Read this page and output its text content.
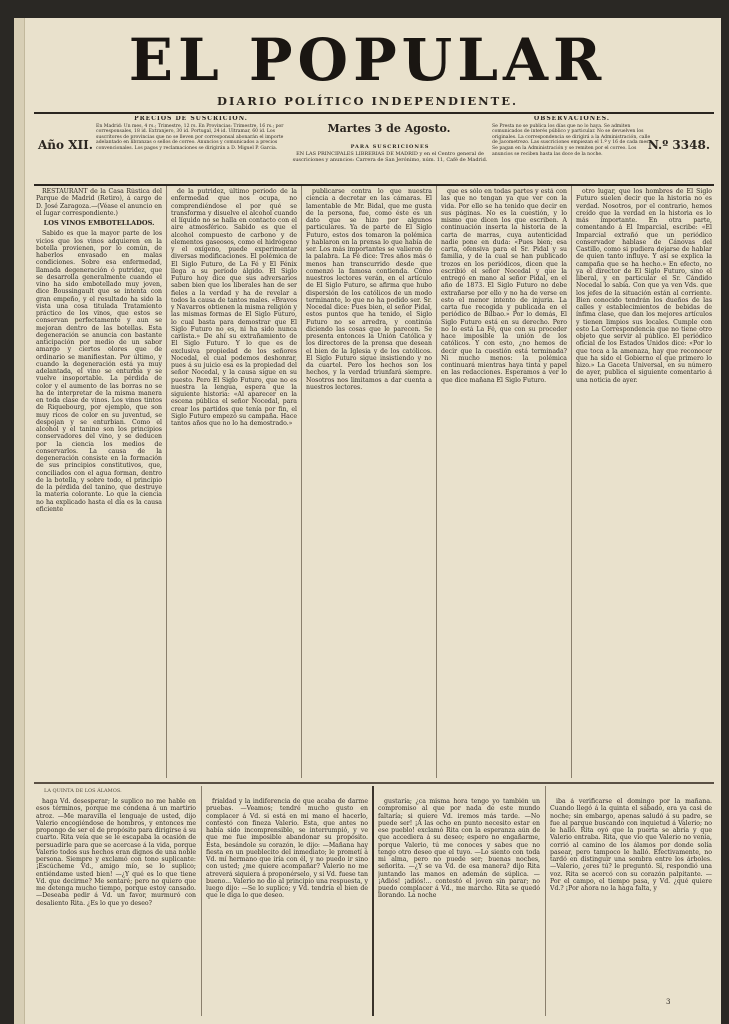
EL POPULAR
DIARIO POLÍTICO INDEPENDIENTE.
Año XII.
PRECIOS DE SUSCRICION.
En Madrid: Un mes, 4 rs.; Trimestre, 12 rs. En Provincias: Trimestre, 16 rs.; por corresponsales, 18 id. Extranjero, 30 id. Portugal, 24 id. Ultramar, 60 id. Los suscritores de provincias que no se lleven por corresponsal abonarán el importe adelantado en libranzas o sellos de correo. Anuncios y comunicados a precios convencionales. Los pagos y reclamaciones se dirigirán a D. Miguel P. Garcia.
Martes 3 de Agosto.
PARA SUSCRICIONES
EN LAS PRINCIPALES LIBRERIAS DE MADRID y en el Centro general de suscriciones y anuncios: Carrera de San Jerónimo, núm. 11, Café de Madrid.
OBSERVACIONES.
Se Presta no se publica los días que no lo haya. Se admiten comunicados de interés público y particular. No se devuelven los originales. La correspondencia se dirigirá a la Administración, calle de Jacometrezo. Las suscriciones empiezan el 1.º y 16 de cada mes. Se pagan en la Administración y se remiten por el correo. Los anuncios se reciben hasta las doce de la noche.
N.º 3348.

RESTAURANT de la Casa Rústica del Parque de Madrid (Retiro), á cargo de D. José Zaragoza.—(Véase el anuncio en el lugar correspondiente.)

LOS VINOS EMBOTELLADOS.

Sabido es que la mayor parte de los vicios que los vinos adquieren en la botella provienen, por lo común, de haberlos envasado en malas condiciones. Sobre esa enfermedad, llamada degeneración ó putridez, que se desarrolla generalmente cuando el vino ha sido embotellado muy joven, dice Boussingault que se intenta con gran empeño, y el resultado ha sido la vista una cosa titulada Tratamiento práctico de los vinos, que estos se conservan perfectamente y aun se mejoran dentro de las botellas. Esta degeneración se anuncia con bastante anticipación por medio de un sabor amargo y ciertos olores que de ordinario se manifiestan. Por último, y cuando la degeneración está ya muy adelantada, el vino se enturbia y se vuelve insoportable. La pérdida de color y el aumento de las borras no se ha de interpretar de la misma manera en toda clase de vinos. Los vinos tintos de Riquebourg, por ejemplo, que son muy ricos de color en su juventud, se despojan y se enturbian. Como el alcohol y el tanino son los principios conservadores del vino, y se deducen por la ciencia los medios de conservarlos. La causa de la degeneración consiste en la formación de sus principios constitutivos, que, conciliados con el agua forman, dentro de la botella, y sobre todo, el principio de la pérdida del tanino, que destruye la materia colorante. Lo que la ciencia no ha explicado hasta el día es la causa eficiente

de la putridez, último periodo de la enfermedad que nos ocupa, no comprendiéndose el por qué se transforma y disuelve el alcohol cuando el líquido no se halla en contacto con el aire atmosférico. Sabido es que el alcohol compuesto de carbono y de elementos gaseosos, como el hidrógeno y el oxígeno, puede experimentar diversas modificaciones. El polémica de El Siglo Futuro, de La Fé y El Fénix llega a su período álgido. El Siglo Futuro hoy dice que sus adversarios saben bien que los liberales han de ser fieles a la verdad y ha de revelar a todos la causa de tantos males. «Bravos y Navarros obtienen la misma religión y las mismas formas de El Siglo Futuro, lo cual basta para demostrar que El Siglo Futuro no es, ni ha sido nunca carlista.» De ahí su extrañamiento de El Siglo Futuro. Y lo que es de exclusiva propiedad de los señores Nocedal, el cual podemos deshonrar, pues á su juicio esa es la propiedad del señor Nocedal, y la causa sigue en su puesto. Pero El Siglo Futuro, que no es nuestra la lengua, espera que la siguiente historia: «Al aparecer en la escena pública el señor Nocedal, para crear los partidos que tenía por fin, el Siglo Futuro empezó su campaña. Hace tantos años que no lo ha demostrado.»

publicarse contra lo que nuestra ciencia a decretar en las cámaras. El lamentable de Mr. Bidal, que me gusta de la persona, fue, como éste es un dato que se hizo por algunos particulares. Ya de parte de El Siglo Futuro, estos dos tomaron la polémica y hablaron en la prensa lo que había de ser. Los más importantes se valieron de la palabra. La Fé dice: Tres años más ó menos han transcurrido desde que comenzó la famosa contienda. Cómo nuestros lectores verán, en el artículo de El Siglo Futuro, se afirma que hubo dispersión de los católicos de un modo terminante, lo que no ha podido ser. Sr. Nocedal dice: Pues bien, el señor Pidal, estos puntos que ha tenido, el Siglo Futuro no se arredra, y continúa diciendo las cosas que le parecen. Se presenta entonces la Unión Católica y los directores de la prensa que desean el bien de la Iglesia y de los católicos. El Siglo Futuro sigue insistiendo y no da cuartel. Pero los hechos son los hechos, y la verdad triunfará siempre. Nosotros nos limitamos a dar cuenta a nuestros lectores.

que es sólo en todas partes y está con las que no tengan ya que ver con la vida. Por ello se ha tenido que decir en sus páginas. No es la cuestión, y lo mismo que dicen los que escriben. A continuación inserta la historia de la carta de marras, cuya autenticidad nadie pone en duda: «Pues bien; esa carta, ofensiva para el Sr. Pidal y su familia, y de la cual se han publicado trozos en los periódicos, dicen que la escribió el señor Nocedal y que la entregó en mano al señor Pidal, en el año de 1873. El Siglo Futuro no debe extrañarse por ello y no ha de verse en esto el menor intento de injuria. La carta fue recogida y publicada en el periódico de Bilbao.» Por lo demás, El Siglo Futuro está en su derecho. Pero no lo está La Fé, que con su proceder hace imposible la unión de los católicos. Y con esto, ¿no hemos de decir que la cuestión está terminada? Ni mucho menos: la polémica continuará mientras haya tinta y papel en las redacciones. Esperamos a ver lo que dice mañana El Siglo Futuro.

otro lugar, que los hombres de El Siglo Futuro suelen decir que la historia no es verdad. Nosotros, por el contrario, hemos creído que la verdad en la historia es lo más importante. En otra parte, comentando á El Imparcial, escribe: «El Imparcial extrañó que un periódico conservador hablase de Cánovas del Castillo, como si pudiera dejarse de hablar de quien tanto influye. Y así se explica la campaña que se ha hecho.» En efecto, no ya el director de El Siglo Futuro, sino el liberal, y en particular el Sr. Cándido Nocedal lo sabía. Con que ya ven Vds. que los jefes de la situación están al corriente. Bien conocido tendrán los dueños de las calles y establecimientos de bebidas de ínfima clase, que dan los mejores artículos y tienen limpios sus locales. Cumple con esto La Correspondencia que no tiene otro objeto que servir al público. El periódico oficial de los Estados Unidos dice: «Por lo que toca a la amenaza, hay que reconocer que ha sido el Gobierno el que primero lo hizo.» La Gaceta Universal, en su número de ayer, publica el siguiente comentario á una noticia de ayer.

LA QUINTA DE LOS ÁLAMOS.

haga Vd. desesperar; le suplico no me hable en esos términos, porque me condena á un martirio atroz. —Me maravilla el lenguaje de usted, dijo Valerio encogiéndose de hombros, y entonces me propongo de ser el de propósito para dirigirse á su cuarto. Rita veía que se le escapaba la ocasión de persuadirle para que se acercase á la vida, porque Valerio todos sus hechos eran dignos de una noble persona. Siempre y exclamó con tono suplicante: ¡Escúcheme Vd., amigo mío, se lo suplico; entiéndame usted bien! —¿Y qué es lo que tiene Vd. que decirme? Me sentaré; pero no quiero que me detenga mucho tiempo, porque estoy cansado. —Deseaba pedir á Vd. un favor, murmuró con desaliento Rita. ¿Es lo que yo deseo?

frialdad y la indiferencia de que acaba de darme pruebas. —Veamos; tendré mucho gusto en complacer á Vd. si está en mi mano el hacerlo, contestó con fineza Valerio. Esta, que antes no había sido incomprensible, se interrumpió, y ve que me fue imposible abandonar su propósito. Esta, besándole su corazón, le dijo: —Mañana hay fiesta en un pueblecito del inmediato; le prometí á Vd. mí hermano que iría con él, y no puedo ir sino con usted; ¿me quiere acompañar? Valerio no me atreverá siquiera á proponérselo, y si Vd. fuese tan bueno... Valerio no dio al principio una respuesta, y luego dijo: —Se lo suplico; y Vd. tendría el bien de que le diga lo que deseo.

gustaría; ¿ca misma hora tengo yo también un compromiso al que por nada de este mundo faltaría; si quiere Vd. iremos más tarde. —No puede ser! ¡A las ocho en punto necesito estar en ese pueblo! exclamó Rita con la esperanza aún de que accediera á su deseo; espero no engañarme, porque Valerio, tú me conoces y sabes que no tengo otro deseo que el tuyo. —Lo siento con toda mi alma, pero no puede ser; buenas noches, señorita. —¿Y se va Vd. de esa manera? dijo Rita juntando las manos en ademán de súplica. —¡Adiós! ¡adiós!... contestó el joven sin parar; no puedo complacer á Vd., me marcho. Rita se quedó llorando. La noche

iba á verificarse el domingo por la mañana. Cuando llegó á la quinta el sábado, era ya casi de noche; sin embargo, apenas saludó á su padre, se fue al parque buscando con inquietud á Valerio; no le halló. Rita oyó que la puerta se abría y que Valerio entraba. Rita, que vio que Valerio no venía, corrió al camino de los álamos por donde solía pasear, pero tampoco le halló. Efectivamente, no tardó en distinguir una sombra entre los árboles. —Valerio, ¿eres tú? le preguntó. Sí, respondió una voz. Rita se acercó con su corazón palpitante. —Por el campo, el tiempo pasa, y Vd. ¿qué quiere Vd.? ¡Por ahora no la haga falta, y

3
